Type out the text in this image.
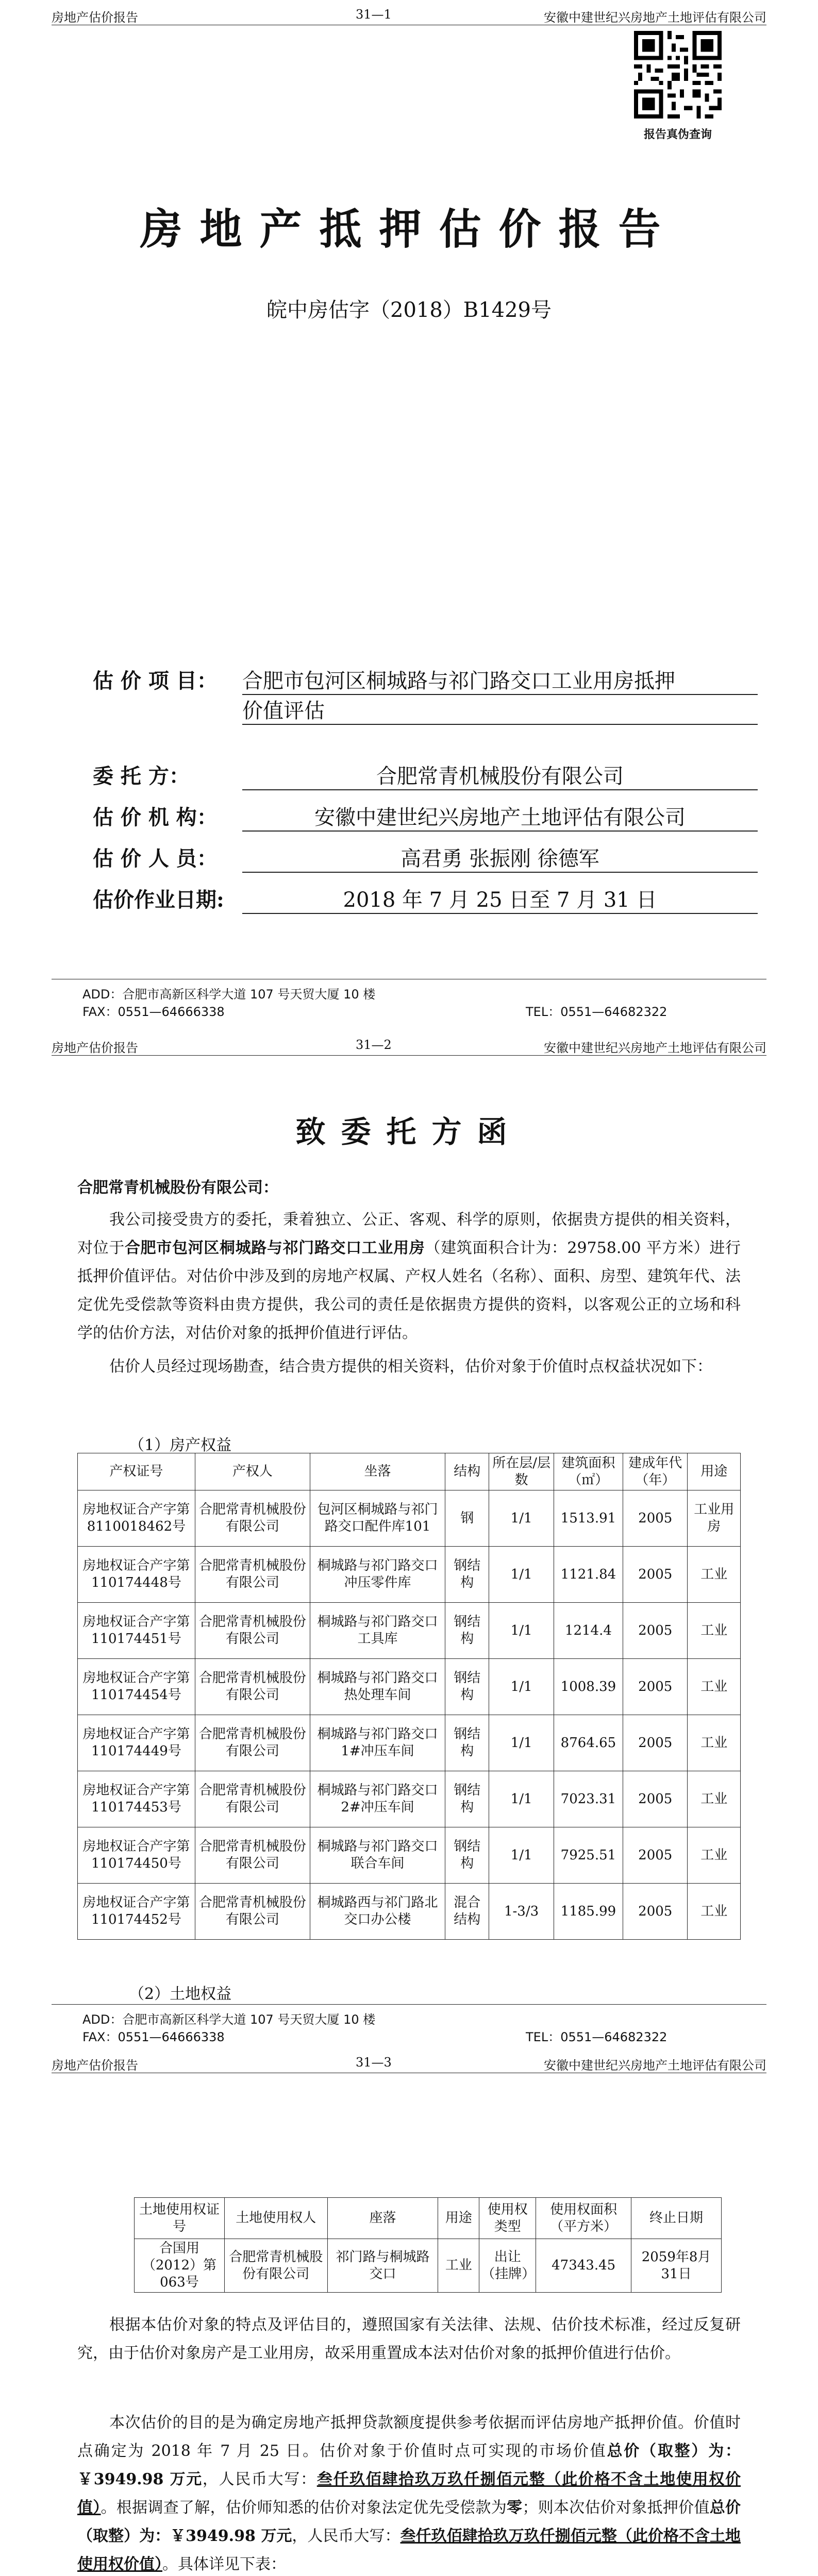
房地产估价报告	31—1	安徽中建世纪兴房地产土地评估有限公司
报告真伪查询
房地产抵押估价报告
皖中房估字（2018）B1429号
估 价 项 目： 合肥市包河区桐城路与祁门路交口工业用房抵押
价值评估
委 托 方：	合肥常青机械股份有限公司
估 价 机 构：	安徽中建世纪兴房地产土地评估有限公司
估 价 人 员：	高君勇 张振刚 徐德军
估价作业日期:	2018 年 7 月 25 日至 7 月 31 日
ADD：合肥市高新区科学大道 107 号天贸大厦 10 楼
FAX：0551—64666338	TEL：0551—64682322
房地产估价报告	31—2	安徽中建世纪兴房地产土地评估有限公司
致委托方函
合肥常青机械股份有限公司：
我公司接受贵方的委托，秉着独立、公正、客观、科学的原则，依据贵方提供的相关资料，对位于合肥市包河区桐城路与祁门路交口工业用房（建筑面积合计为：29758.00 平方米）进行抵押价值评估。对估价中涉及到的房地产权属、产权人姓名（名称）、面积、房型、建筑年代、法定优先受偿款等资料由贵方提供，我公司的责任是依据贵方提供的资料，以客观公正的立场和科学的估价方法，对估价对象的抵押价值进行评估。
估价人员经过现场勘查，结合贵方提供的相关资料，估价对象于价值时点权益状况如下：
（1）房产权益
产权证号	产权人	坐落	结构	所在层/层数	建筑面积（㎡）	建成年代（年）	用途
房地权证合产字第8110018462号	合肥常青机械股份有限公司	包河区桐城路与祁门路交口配件库101	钢	1/1	1513.91	2005	工业用房
房地权证合产字第110174448号	合肥常青机械股份有限公司	桐城路与祁门路交口冲压零件库	钢结构	1/1	1121.84	2005	工业
房地权证合产字第110174451号	合肥常青机械股份有限公司	桐城路与祁门路交口工具库	钢结构	1/1	1214.4	2005	工业
房地权证合产字第110174454号	合肥常青机械股份有限公司	桐城路与祁门路交口热处理车间	钢结构	1/1	1008.39	2005	工业
房地权证合产字第110174449号	合肥常青机械股份有限公司	桐城路与祁门路交口1#冲压车间	钢结构	1/1	8764.65	2005	工业
房地权证合产字第110174453号	合肥常青机械股份有限公司	桐城路与祁门路交口2#冲压车间	钢结构	1/1	7023.31	2005	工业
房地权证合产字第110174450号	合肥常青机械股份有限公司	桐城路与祁门路交口联合车间	钢结构	1/1	7925.51	2005	工业
房地权证合产字第110174452号	合肥常青机械股份有限公司	桐城路西与祁门路北交口办公楼	混合结构	1-3/3	1185.99	2005	工业
（2）土地权益
ADD：合肥市高新区科学大道 107 号天贸大厦 10 楼
FAX：0551—64666338	TEL：0551—64682322
房地产估价报告	31—3	安徽中建世纪兴房地产土地评估有限公司
土地使用权证号	土地使用权人	座落	用途	使用权类型	使用权面积（平方米）	终止日期
合国用（2012）第063号	合肥常青机械股份有限公司	祁门路与桐城路交口	工业	出让（挂牌）	47343.45	2059年8月31日
根据本估价对象的特点及评估目的，遵照国家有关法律、法规、估价技术标准，经过反复研究，由于估价对象房产是工业用房，故采用重置成本法对估价对象的抵押价值进行估价。
本次估价的目的是为确定房地产抵押贷款额度提供参考依据而评估房地产抵押价值。价值时点确定为 2018 年 7 月 25 日。估价对象于价值时点可实现的市场价值总价（取整）为：￥3949.98 万元，人民币大写：叁仟玖佰肆拾玖万玖仟捌佰元整（此价格不含土地使用权价值）。根据调查了解，估价师知悉的估价对象法定优先受偿款为零；则本次估价对象抵押价值总价（取整）为：￥3949.98 万元，人民币大写：叁仟玖佰肆拾玖万玖仟捌佰元整（此价格不含土地使用权价值）。具体详见下表：
